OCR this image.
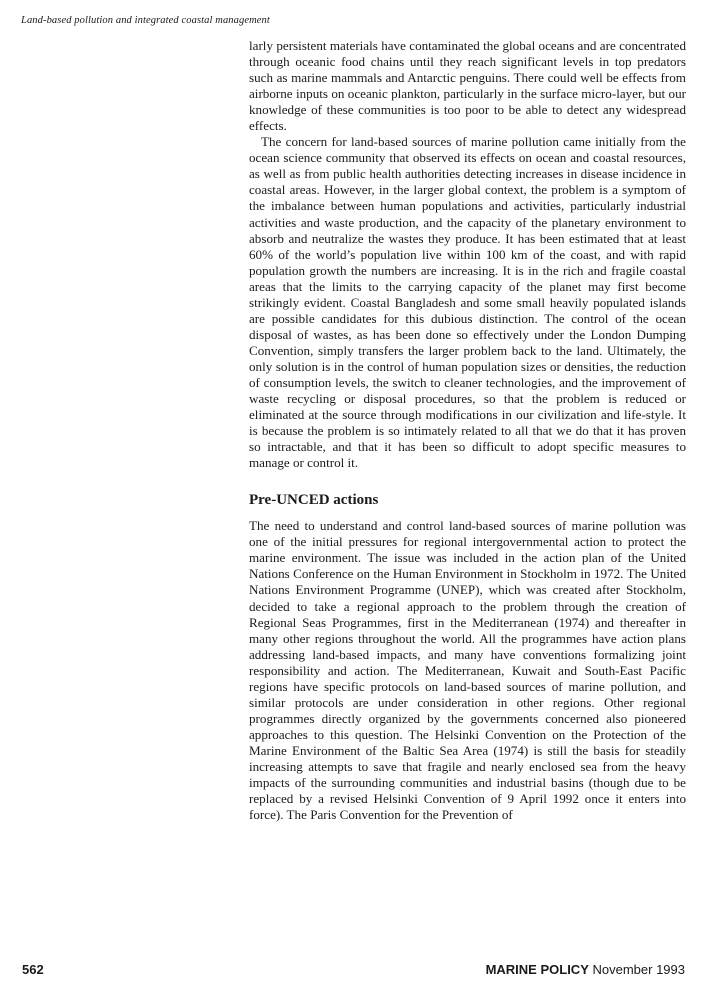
Land-based pollution and integrated coastal management

larly persistent materials have contaminated the global oceans and are concentrated through oceanic food chains until they reach significant levels in top predators such as marine mammals and Antarctic penguins. There could well be effects from airborne inputs on oceanic plankton, particularly in the surface micro-layer, but our knowledge of these communities is too poor to be able to detect any widespread effects.

The concern for land-based sources of marine pollution came initially from the ocean science community that observed its effects on ocean and coastal resources, as well as from public health authorities detecting increases in disease incidence in coastal areas. However, in the larger global context, the problem is a symptom of the imbalance between human populations and activities, particularly industrial activities and waste production, and the capacity of the planetary environment to absorb and neutralize the wastes they produce. It has been estimated that at least 60% of the world’s population live within 100 km of the coast, and with rapid population growth the numbers are increasing. It is in the rich and fragile coastal areas that the limits to the carrying capacity of the planet may first become strikingly evident. Coastal Bangladesh and some small heavily populated islands are possible candidates for this dubious distinction. The control of the ocean disposal of wastes, as has been done so effectively under the London Dumping Convention, simply transfers the larger problem back to the land. Ultimately, the only solution is in the control of human population sizes or densities, the reduction of consumption levels, the switch to cleaner technologies, and the improvement of waste recycling or disposal procedures, so that the problem is reduced or eliminated at the source through modifications in our civilization and life-style. It is because the problem is so intimately related to all that we do that it has proven so intractable, and that it has been so difficult to adopt specific measures to manage or control it.

Pre-UNCED actions

The need to understand and control land-based sources of marine pollution was one of the initial pressures for regional intergovernmental action to protect the marine environment. The issue was included in the action plan of the United Nations Conference on the Human Environment in Stockholm in 1972. The United Nations Environment Programme (UNEP), which was created after Stockholm, decided to take a regional approach to the problem through the creation of Regional Seas Programmes, first in the Mediterranean (1974) and thereafter in many other regions throughout the world. All the programmes have action plans addressing land-based impacts, and many have conventions formalizing joint responsibility and action. The Mediterranean, Kuwait and South-East Pacific regions have specific protocols on land-based sources of marine pollution, and similar protocols are under consideration in other regions. Other regional programmes directly organized by the governments concerned also pioneered approaches to this question. The Helsinki Convention on the Protection of the Marine Environment of the Baltic Sea Area (1974) is still the basis for steadily increasing attempts to save that fragile and nearly enclosed sea from the heavy impacts of the surrounding communities and industrial basins (though due to be replaced by a revised Helsinki Convention of 9 April 1992 once it enters into force). The Paris Convention for the Prevention of

562	MARINE POLICY November 1993
